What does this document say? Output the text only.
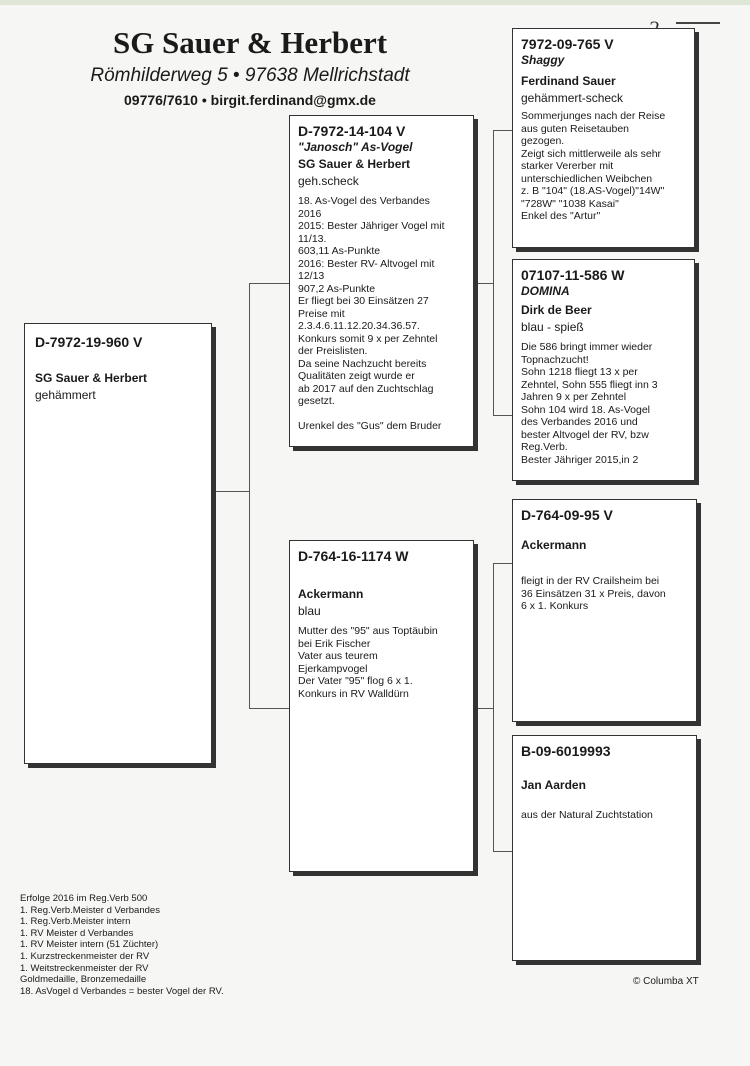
SG Sauer & Herbert
Römhilderweg 5 • 97638 Mellrichstadt
09776/7610 • birgit.ferdinand@gmx.de
D-7972-19-960 V
SG Sauer & Herbert
gehämmert
D-7972-14-104 V
"Janosch" As-Vogel
SG Sauer & Herbert
geh.scheck
18. As-Vogel des Verbandes
2016
2015: Bester Jähriger Vogel mit
11/13.
603,11 As-Punkte
2016: Bester RV- Altvogel mit
12/13
907,2 As-Punkte
Er fliegt bei 30 Einsätzen 27
Preise mit
2.3.4.6.11.12.20.34.36.57.
Konkurs somit 9 x per Zehntel
der Preislisten.
Da seine Nachzucht bereits
Qualitäten zeigt wurde er
ab 2017 auf den Zuchtschlag
gesetzt.
Urenkel des "Gus" dem Bruder
D-764-16-1174 W
Ackermann
blau
Mutter des "95" aus Toptäubin
bei Erik Fischer
Vater aus teurem
Ejerkampvogel
Der Vater "95" flog 6 x 1.
Konkurs in RV Walldürn
7972-09-765 V
Shaggy
Ferdinand Sauer
gehämmert-scheck
Sommerjunges nach der Reise
aus guten Reisetauben
gezogen.
Zeigt sich mittlerweile als sehr
starker Vererber mit
unterschiedlichen Weibchen
z. B "104" (18.AS-Vogel)"14W"
"728W" "1038 Kasai"
Enkel des "Artur"
07107-11-586 W
DOMINA
Dirk de Beer
blau - spieß
Die 586 bringt immer wieder
Topnachzucht!
Sohn 1218 fliegt 13 x per
Zehntel, Sohn 555 fliegt inn 3
Jahren 9 x per Zehntel
Sohn 104 wird 18. As-Vogel
des Verbandes 2016 und
bester Altvogel der RV, bzw
Reg.Verb.
Bester Jähriger 2015,in 2
D-764-09-95 V
Ackermann
fleigt in der RV Crailsheim bei
36 Einsätzen 31 x Preis, davon
6 x 1. Konkurs
B-09-6019993
Jan Aarden
aus der Natural Zuchtstation
Erfolge 2016 im Reg.Verb 500
1. Reg.Verb.Meister d Verbandes
1. Reg.Verb.Meister intern
1. RV Meister d Verbandes
1. RV Meister intern (51 Züchter)
1. Kurzstreckenmeister der RV
1. Weitstreckenmeister der RV
Goldmedaille, Bronzemedaille
18. AsVogel d Verbandes = bester Vogel der RV.
© Columba XT
